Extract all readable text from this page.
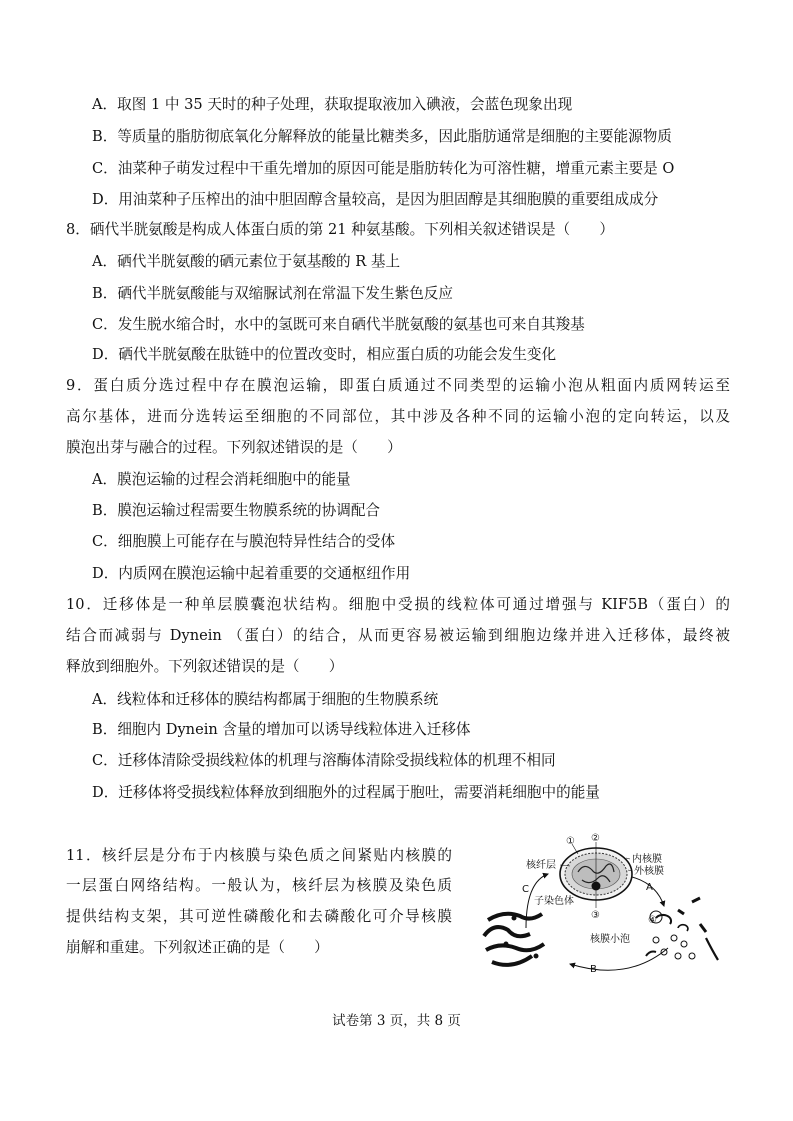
A．取图 1 中 35 天时的种子处理，获取提取液加入碘液，会蓝色现象出现
B．等质量的脂肪彻底氧化分解释放的能量比糖类多，因此脂肪通常是细胞的主要能源物质
C．油菜种子萌发过程中干重先增加的原因可能是脂肪转化为可溶性糖，增重元素主要是 O
D．用油菜种子压榨出的油中胆固醇含量较高，是因为胆固醇是其细胞膜的重要组成成分
8．硒代半胱氨酸是构成人体蛋白质的第 21 种氨基酸。下列相关叙述错误是（　　）
A．硒代半胱氨酸的硒元素位于氨基酸的 R 基上
B．硒代半胱氨酸能与双缩脲试剂在常温下发生紫色反应
C．发生脱水缩合时，水中的氢既可来自硒代半胱氨酸的氨基也可来自其羧基
D．硒代半胱氨酸在肽链中的位置改变时，相应蛋白质的功能会发生变化
9．蛋白质分选过程中存在膜泡运输，即蛋白质通过不同类型的运输小泡从粗面内质网转运至
高尔基体，进而分选转运至细胞的不同部位，其中涉及各种不同的运输小泡的定向转运，以及
膜泡出芽与融合的过程。下列叙述错误的是（　　）
A．膜泡运输的过程会消耗细胞中的能量
B．膜泡运输过程需要生物膜系统的协调配合
C．细胞膜上可能存在与膜泡特异性结合的受体
D．内质网在膜泡运输中起着重要的交通枢纽作用
10．迁移体是一种单层膜囊泡状结构。细胞中受损的线粒体可通过增强与 KIF5B（蛋白）的
结合而减弱与 Dynein （蛋白）的结合，从而更容易被运输到细胞边缘并进入迁移体，最终被
释放到细胞外。下列叙述错误的是（　　）
A．线粒体和迁移体的膜结构都属于细胞的生物膜系统
B．细胞内 Dynein 含量的增加可以诱导线粒体进入迁移体
C．迁移体清除受损线粒体的机理与溶酶体清除受损线粒体的机理不相同
D．迁移体将受损线粒体释放到细胞外的过程属于胞吐，需要消耗细胞中的能量
11．核纤层是分布于内核膜与染色质之间紧贴内核膜的
一层蛋白网络结构。一般认为，核纤层为核膜及染色质
提供结构支架，其可逆性磷酸化和去磷酸化可介导核膜
崩解和重建。下列叙述正确的是（　　）
① ②
③	④
核纤层
内核膜
外核膜
子染色体
核膜小泡
A
B
C
试卷第 3 页，共 8 页
